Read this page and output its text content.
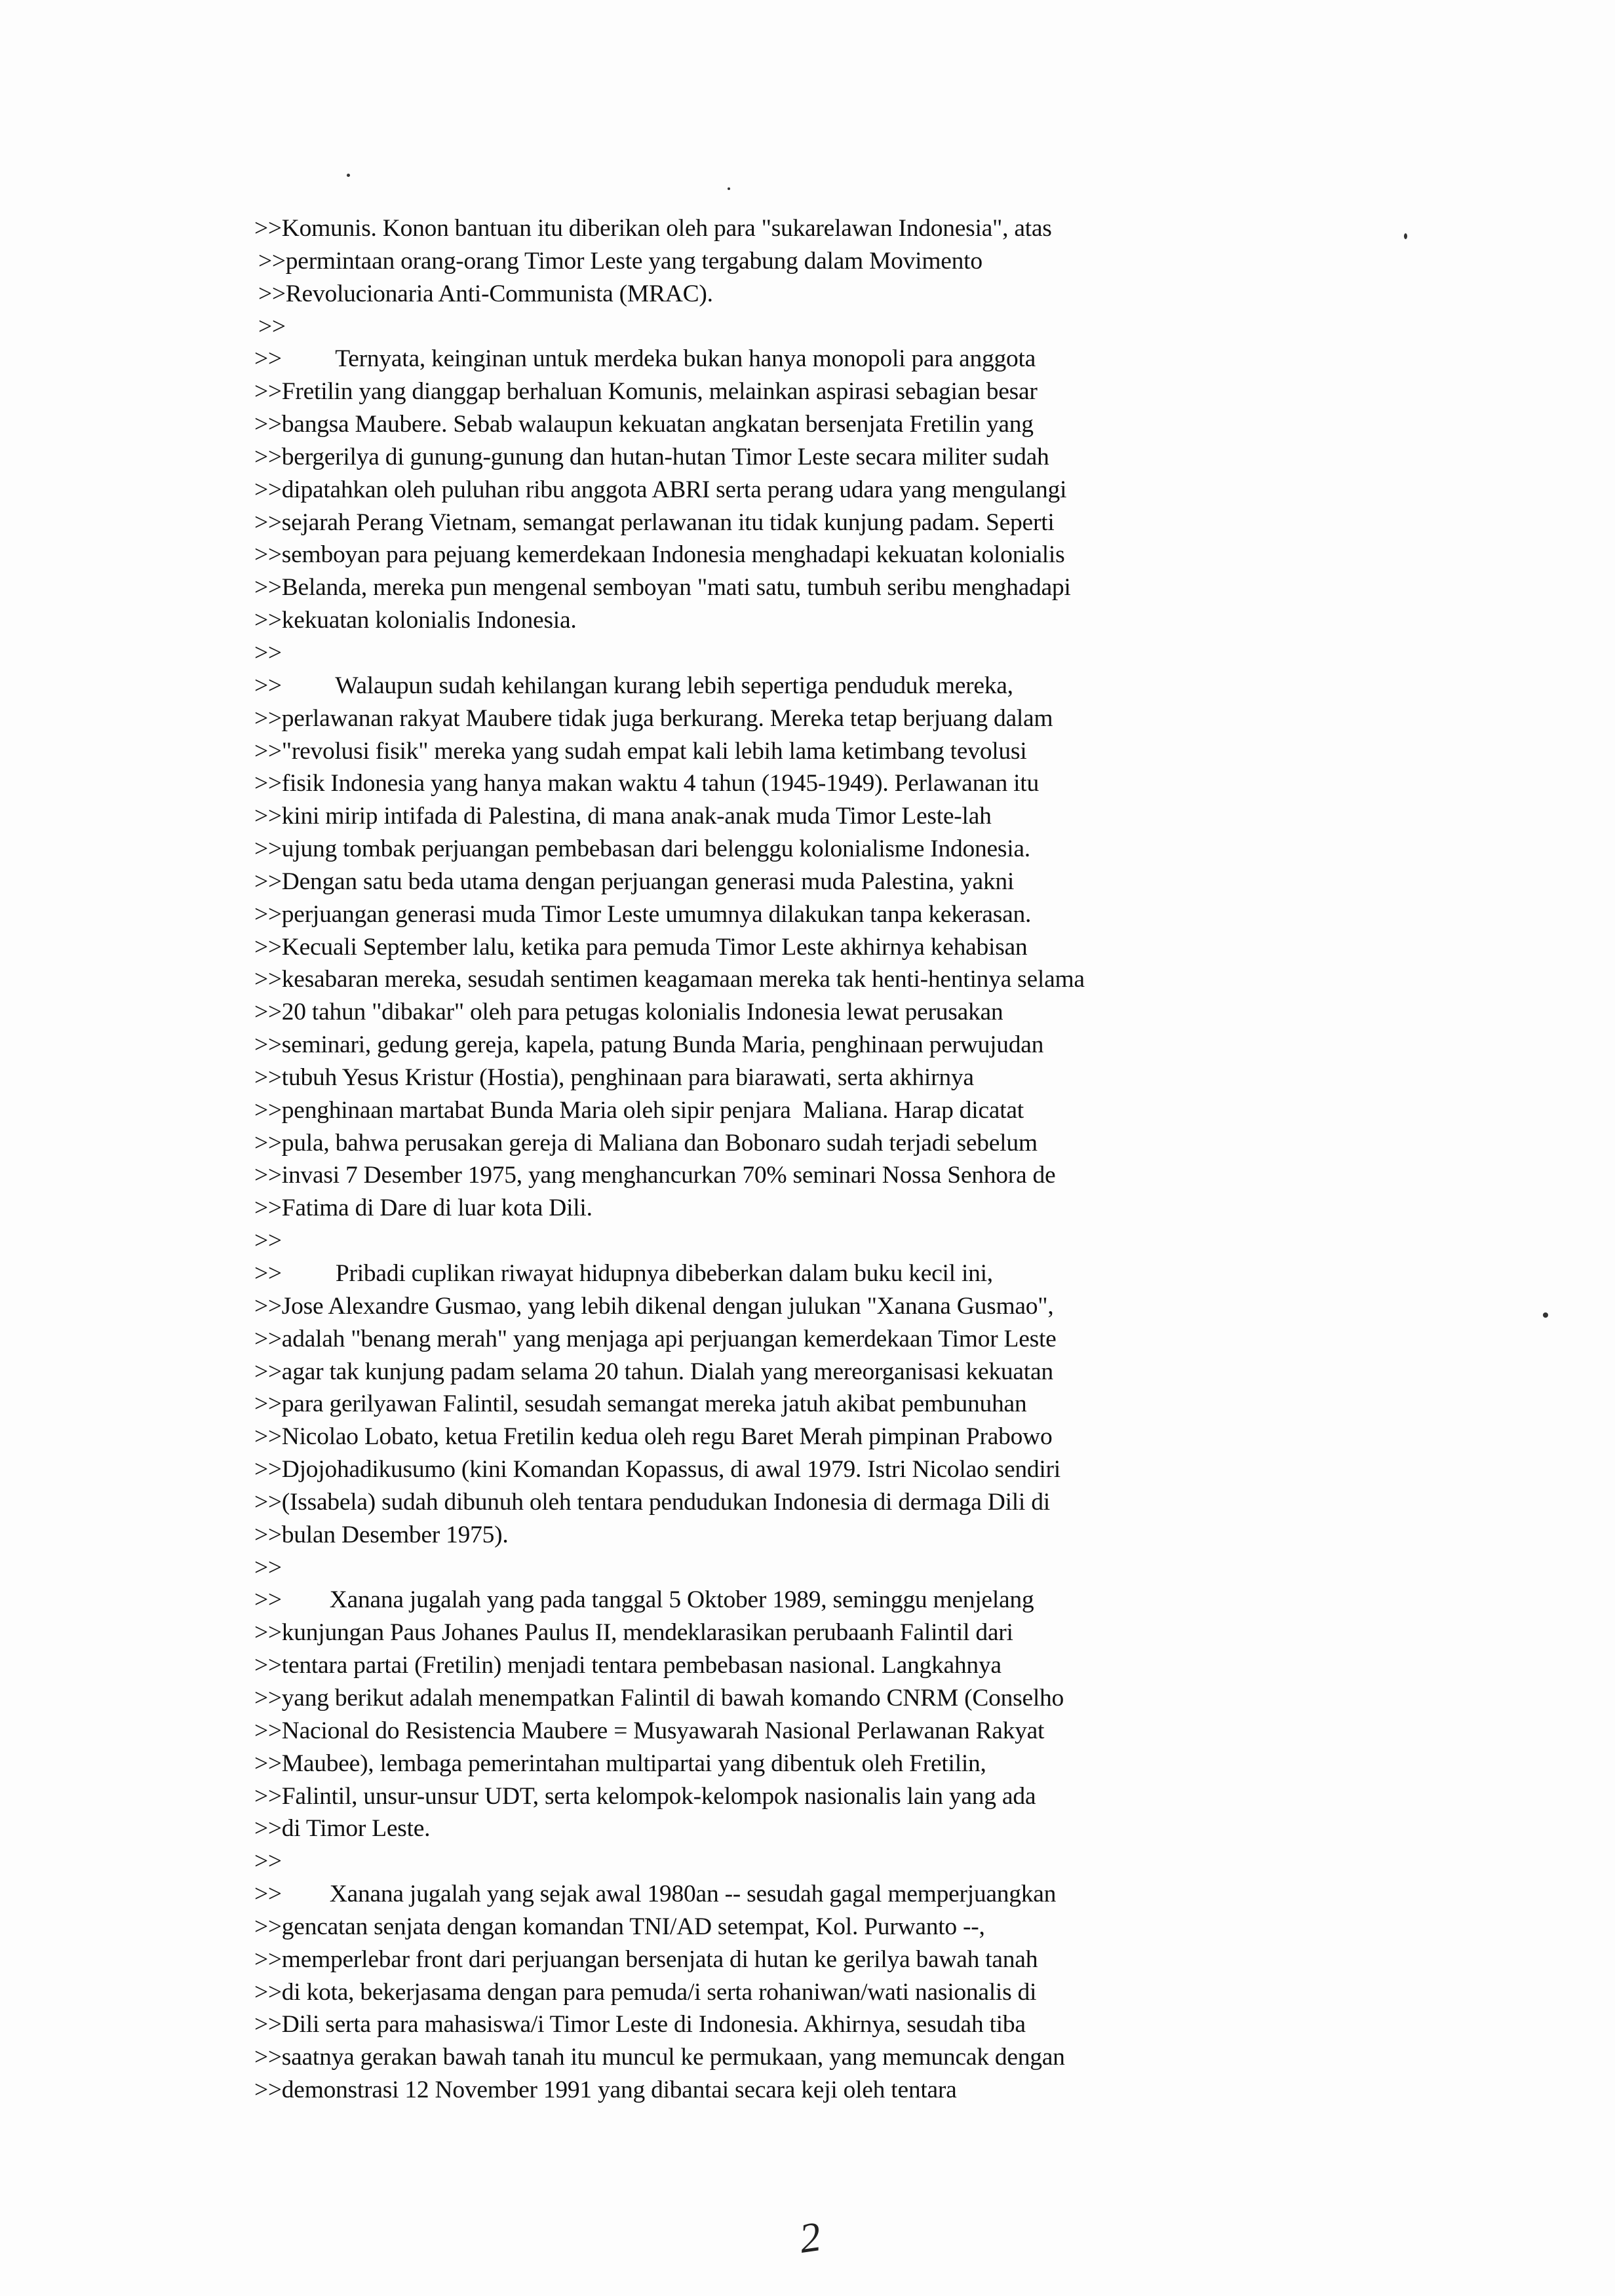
>>Komunis. Konon bantuan itu diberikan oleh para "sukarelawan Indonesia", atas
>>permintaan orang-orang Timor Leste yang tergabung dalam Movimento
>>Revolucionaria Anti-Communista (MRAC).
>>
>>         Ternyata, keinginan untuk merdeka bukan hanya monopoli para anggota
>>Fretilin yang dianggap berhaluan Komunis, melainkan aspirasi sebagian besar
>>bangsa Maubere. Sebab walaupun kekuatan angkatan bersenjata Fretilin yang
>>bergerilya di gunung-gunung dan hutan-hutan Timor Leste secara militer sudah
>>dipatahkan oleh puluhan ribu anggota ABRI serta perang udara yang mengulangi
>>sejarah Perang Vietnam, semangat perlawanan itu tidak kunjung padam. Seperti
>>semboyan para pejuang kemerdekaan Indonesia menghadapi kekuatan kolonialis
>>Belanda, mereka pun mengenal semboyan "mati satu, tumbuh seribu menghadapi
>>kekuatan kolonialis Indonesia.
>>
>>         Walaupun sudah kehilangan kurang lebih sepertiga penduduk mereka,
>>perlawanan rakyat Maubere tidak juga berkurang. Mereka tetap berjuang dalam
>>"revolusi fisik" mereka yang sudah empat kali lebih lama ketimbang tevolusi
>>fisik Indonesia yang hanya makan waktu 4 tahun (1945-1949). Perlawanan itu
>>kini mirip intifada di Palestina, di mana anak-anak muda Timor Leste-lah
>>ujung tombak perjuangan pembebasan dari belenggu kolonialisme Indonesia.
>>Dengan satu beda utama dengan perjuangan generasi muda Palestina, yakni
>>perjuangan generasi muda Timor Leste umumnya dilakukan tanpa kekerasan.
>>Kecuali September lalu, ketika para pemuda Timor Leste akhirnya kehabisan
>>kesabaran mereka, sesudah sentimen keagamaan mereka tak henti-hentinya selama
>>20 tahun "dibakar" oleh para petugas kolonialis Indonesia lewat perusakan
>>seminari, gedung gereja, kapela, patung Bunda Maria, penghinaan perwujudan
>>tubuh Yesus Kristur (Hostia), penghinaan para biarawati, serta akhirnya
>>penghinaan martabat Bunda Maria oleh sipir penjara  Maliana. Harap dicatat
>>pula, bahwa perusakan gereja di Maliana dan Bobonaro sudah terjadi sebelum
>>invasi 7 Desember 1975, yang menghancurkan 70% seminari Nossa Senhora de
>>Fatima di Dare di luar kota Dili.
>>
>>         Pribadi cuplikan riwayat hidupnya dibeberkan dalam buku kecil ini,
>>Jose Alexandre Gusmao, yang lebih dikenal dengan julukan "Xanana Gusmao",
>>adalah "benang merah" yang menjaga api perjuangan kemerdekaan Timor Leste
>>agar tak kunjung padam selama 20 tahun. Dialah yang mereorganisasi kekuatan
>>para gerilyawan Falintil, sesudah semangat mereka jatuh akibat pembunuhan
>>Nicolao Lobato, ketua Fretilin kedua oleh regu Baret Merah pimpinan Prabowo
>>Djojohadikusumo (kini Komandan Kopassus, di awal 1979. Istri Nicolao sendiri
>>(Issabela) sudah dibunuh oleh tentara pendudukan Indonesia di dermaga Dili di
>>bulan Desember 1975).
>>
>>        Xanana jugalah yang pada tanggal 5 Oktober 1989, seminggu menjelang
>>kunjungan Paus Johanes Paulus II, mendeklarasikan perubaanh Falintil dari
>>tentara partai (Fretilin) menjadi tentara pembebasan nasional. Langkahnya
>>yang berikut adalah menempatkan Falintil di bawah komando CNRM (Conselho
>>Nacional do Resistencia Maubere = Musyawarah Nasional Perlawanan Rakyat
>>Maubee), lembaga pemerintahan multipartai yang dibentuk oleh Fretilin,
>>Falintil, unsur-unsur UDT, serta kelompok-kelompok nasionalis lain yang ada
>>di Timor Leste.
>>
>>        Xanana jugalah yang sejak awal 1980an -- sesudah gagal memperjuangkan
>>gencatan senjata dengan komandan TNI/AD setempat, Kol. Purwanto --,
>>memperlebar front dari perjuangan bersenjata di hutan ke gerilya bawah tanah
>>di kota, bekerjasama dengan para pemuda/i serta rohaniwan/wati nasionalis di
>>Dili serta para mahasiswa/i Timor Leste di Indonesia. Akhirnya, sesudah tiba
>>saatnya gerakan bawah tanah itu muncul ke permukaan, yang memuncak dengan
>>demonstrasi 12 November 1991 yang dibantai secara keji oleh tentara
2
